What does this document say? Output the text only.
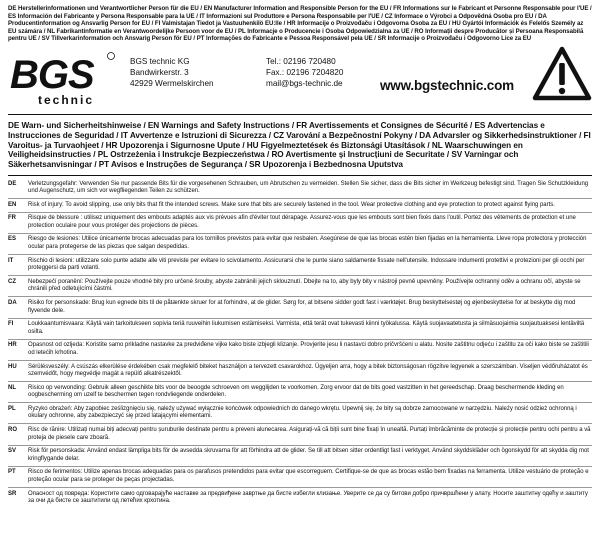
DE Herstellerinformationen und Verantwortlicher Person für die EU / EN Manufacturer Information and Responsible Person for the EU / FR Informations sur le Fabricant et Personne Responsable pour l'UE / ES Información del Fabricante y Persona Responsable para la UE / IT Informazioni sul Produttore e Persona Responsabile per l'UE / CZ Informace o Výrobci a Odpovědná Osoba pro EU / DA Producentinformation og Ansvarlig Person for EU / FI Valmistajan Tiedot ja Vastuuhenkilö EU:lle / HR Informacije o Proizvođaču i Odgovorna Osoba za EU / HU Gyártói Információk és Felelős Személy az EU számára / NL Fabrikantinformatie en Verantwoordelijke Persoon voor de EU / PL Informacje o Producencie i Osoba Odpowiedzialna za UE / RO Informații despre Producător și Persoana Responsabilă pentru UE / SV Tillverkarinformation och Ansvarig Person för EU / PT Informações do Fabricante e Pessoa Responsável pela UE / SR Informacije o Proizvođaču i Odgovorno Lice za EU
BGS
technic
BGS technic KG
Bandwirkerstr. 3
42929 Wermelskirchen
Tel.: 02196 720480
Fax.: 02196 7204820
mail@bgs-technic.de	www.bgstechnic.com
DE Warn- und Sicherheitshinweise / EN Warnings and Safety Instructions / FR Avertissements et Consignes de Sécurité / ES Advertencias e Instrucciones de Seguridad / IT Avvertenze e Istruzioni di Sicurezza / CZ Varování a Bezpečnostní Pokyny / DA Advarsler og Sikkerhedsinstruktioner / FI Varoitus- ja Turvaohjeet / HR Upozorenja i Sigurnosne Upute / HU Figyelmeztetések és Biztonsági Utasítások / NL Waarschuwingen en Veiligheidsinstructies / PL Ostrzeżenia i Instrukcje Bezpieczeństwa / RO Avertismente și Instrucțiuni de Securitate / SV Varningar och Säkerhetsanvisningar / PT Avisos e Instruções de Segurança / SR Upozorenja i Bezbednosna Uputstva
DE	Verletzungsgefahr: Verwenden Sie nur passende Bits für die vorgesehenen Schrauben, um Abrutschen zu vermeiden. Stellen Sie sicher, dass die Bits sicher im Werkzeug befestigt sind. Tragen Sie Schutzkleidung und Augenschutz, um sich vor wegfliegenden Teilen zu schützen.
EN	Risk of injury: To avoid slipping, use only bits that fit the intended screws. Make sure that bits are securely fastened in the tool. Wear protective clothing and eye protection to protect against flying parts.
FR	Risque de blessure : utilisez uniquement des embouts adaptés aux vis prévues afin d'éviter tout dérapage. Assurez-vous que les embouts sont bien fixés dans l'outil. Portez des vêtements de protection et une protection oculaire pour vous protéger des projections de pièces.
ES	Riesgo de lesiones: Utilice únicamente brocas adecuadas para los tornillos previstos para evitar que resbalen. Asegúrese de que las brocas estén bien fijadas en la herramienta. Lleve ropa protectora y protección ocular para protegerse de las piezas que salgan despedidas.
IT	Rischio di lesioni: utilizzare solo punte adatte alle viti previste per evitare lo scivolamento. Assicurarsi che le punte siano saldamente fissate nell'utensile. Indossare indumenti protettivi e protezioni per gli occhi per proteggersi da parti volanti.
CZ	Nebezpečí poranění: Používejte pouze vhodné bity pro určené šrouby, abyste zabránili jejich sklouznutí. Dbejte na to, aby byly bity v nástroji pevně upevněny. Používejte ochranný oděv a ochranu očí, abyste se chránili před odletujícími částmi.
DA	Risiko for personskade: Brug kun egnede bits til de påtænkte skruer for at forhindre, at de glider. Sørg for, at bitsene sidder godt fast i værktøjet. Brug beskyttelsestøj og øjenbeskyttelse for at beskytte dig mod flyvende dele.
FI	Loukkaantumisvaara: Käytä vain tarkoitukseen sopivia teriä ruuveihin liukumisen estämiseksi. Varmista, että terät ovat tukevasti kiinni työkalussa. Käytä suojavaatetusta ja silmäsuojaimia suojautuaksesi lentäviltä osilta.
HR	Opasnost od ozljeda: Koristite samo prikladne nastavke za predviđene vijke kako biste izbjegli klizanje. Provjerite jesu li nastavci dobro pričvršćeni u alatu. Nosite zaštitnu odjeću i zaštitu za oči kako biste se zaštitili od letećih krhotina.
HU	Sérülésveszély: A csúszás elkerülése érdekében csak megfelelő biteket használjon a tervezett csavarokhoz. Ügyeljen arra, hogy a bitek biztonságosan rögzítve legyenek a szerszámban. Viseljen védőruházatot és szemvédőt, hogy megvédje magát a repülő alkatrészektől.
NL	Risico op verwonding: Gebruik alleen geschikte bits voor de beoogde schroeven om wegglijden te voorkomen. Zorg ervoor dat de bits goed vastzitten in het gereedschap. Draag beschermende kleding en oogbescherming om uzelf te beschermen tegen rondvliegende onderdelen.
PL	Ryzyko obrażeń: Aby zapobiec ześlizgnięciu się, należy używać wyłącznie końcówek odpowiednich do danego wkrętu. Upewnij się, że bity są dobrze zamocowane w narzędziu. Należy nosić odzież ochronną i okulary ochronne, aby zabezpieczyć się przed latającymi elementami.
RO	Risc de rănire: Utilizați numai biți adecvați pentru șuruburile destinate pentru a preveni alunecarea. Asigurați-vă că biții sunt bine fixați în unealtă. Purtați îmbrăcăminte de protecție și protecție pentru ochi pentru a vă proteja de piesele care zboară.
SV	Risk för personskada: Använd endast lämpliga bits för de avsedda skruvarna för att förhindra att de glider. Se till att bitsen sitter ordentligt fast i verktyget. Använd skyddskläder och ögonskydd för att skydda dig mot kringflygande delar.
PT	Risco de ferimentos: Utilize apenas brocas adequadas para os parafusos pretendidos para evitar que escorreguem. Certifique-se de que as brocas estão bem fixadas na ferramenta. Utilize vestuário de proteção e proteção ocular para se proteger de peças projectadas.
SR	Опасност од повреда: Користите само одговарајуће наставке за предвиђене завртње да бисте избегли клизање. Уверите се да су битови добро причвршћени у алату. Носите заштитну одећу и заштиту за очи да бисте се заштитили од летећих крхотина.
